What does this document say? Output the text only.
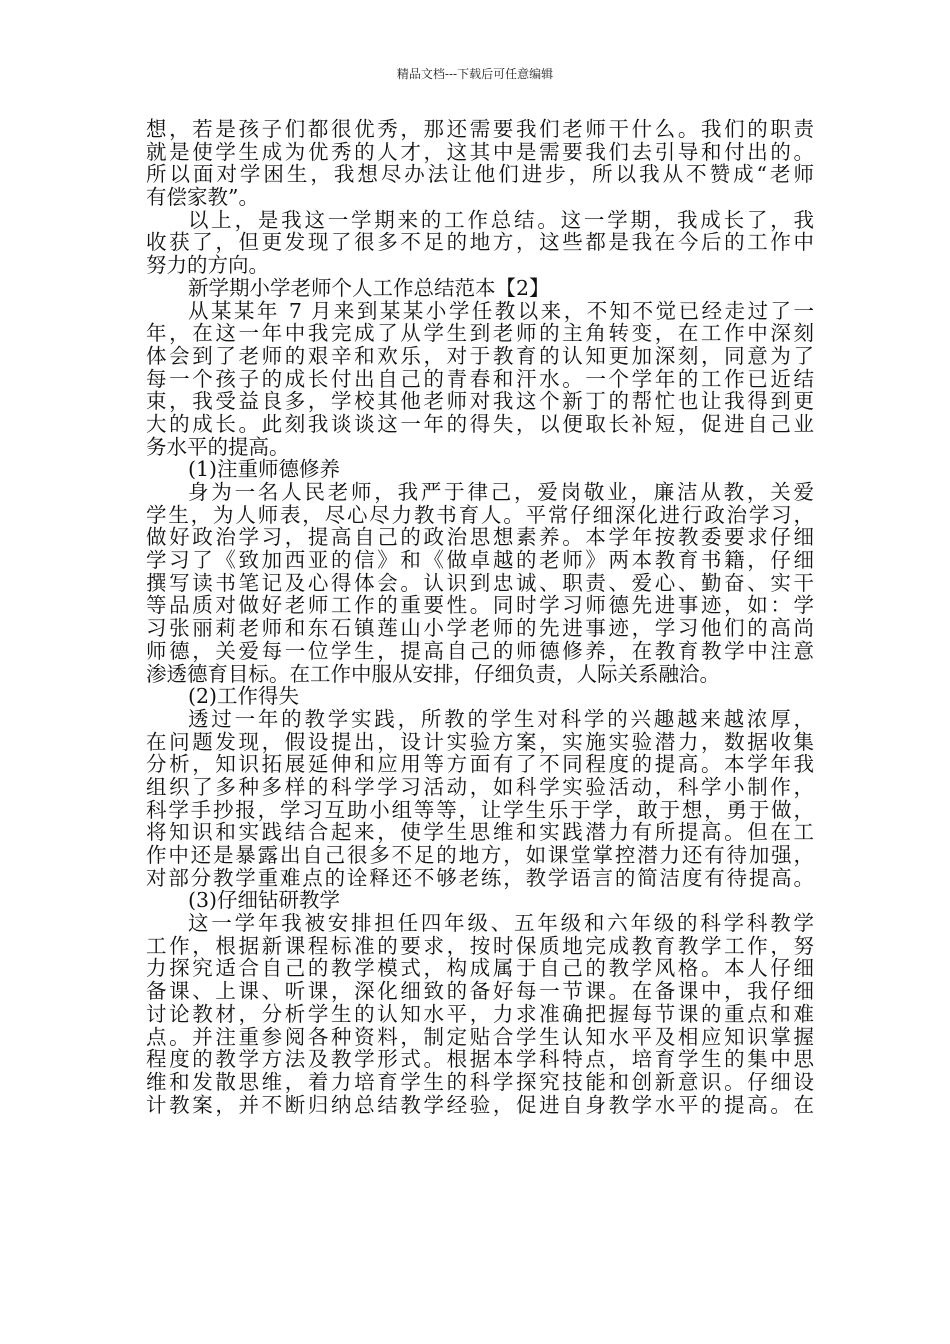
精品文档---下载后可任意编辑
想，若是孩子们都很优秀，那还需要我们老师干什么。我们的职责
就是使学生成为优秀的人才，这其中是需要我们去引导和付出的。
所以面对学困生，我想尽办法让他们进步，所以我从不赞成“老师
有偿家教”。
以上，是我这一学期来的工作总结。这一学期，我成长了，我
收获了，但更发现了很多不足的地方，这些都是我在今后的工作中
努力的方向。
新学期小学老师个人工作总结范本【2】
从某某年 7 月来到某某小学任教以来，不知不觉已经走过了一
年，在这一年中我完成了从学生到老师的主角转变，在工作中深刻
体会到了老师的艰辛和欢乐，对于教育的认知更加深刻，同意为了
每一个孩子的成长付出自己的青春和汗水。一个学年的工作已近结
束，我受益良多，学校其他老师对我这个新丁的帮忙也让我得到更
大的成长。此刻我谈谈这一年的得失，以便取长补短，促进自己业
务水平的提高。
(1)注重师德修养
身为一名人民老师，我严于律己，爱岗敬业，廉洁从教，关爱
学生，为人师表，尽心尽力教书育人。平常仔细深化进行政治学习，
做好政治学习，提高自己的政治思想素养。本学年按教委要求仔细
学习了《致加西亚的信》和《做卓越的老师》两本教育书籍，仔细
撰写读书笔记及心得体会。认识到忠诚、职责、爱心、勤奋、实干
等品质对做好老师工作的重要性。同时学习师德先进事迹，如：学
习张丽莉老师和东石镇莲山小学老师的先进事迹，学习他们的高尚
师德，关爱每一位学生，提高自己的师德修养，在教育教学中注意
渗透德育目标。在工作中服从安排，仔细负责，人际关系融洽。
(2)工作得失
透过一年的教学实践，所教的学生对科学的兴趣越来越浓厚，
在问题发现，假设提出，设计实验方案，实施实验潜力，数据收集
分析，知识拓展延伸和应用等方面有了不同程度的提高。本学年我
组织了多种多样的科学学习活动，如科学实验活动，科学小制作，
科学手抄报，学习互助小组等等，让学生乐于学，敢于想，勇于做，
将知识和实践结合起来，使学生思维和实践潜力有所提高。但在工
作中还是暴露出自己很多不足的地方，如课堂掌控潜力还有待加强，
对部分教学重难点的诠释还不够老练，教学语言的简洁度有待提高。
(3)仔细钻研教学
这一学年我被安排担任四年级、五年级和六年级的科学科教学
工作，根据新课程标准的要求，按时保质地完成教育教学工作，努
力探究适合自己的教学模式，构成属于自己的教学风格。本人仔细
备课、上课、听课，深化细致的备好每一节课。在备课中，我仔细
讨论教材，分析学生的认知水平，力求准确把握每节课的重点和难
点。并注重参阅各种资料，制定贴合学生认知水平及相应知识掌握
程度的教学方法及教学形式。根据本学科特点，培育学生的集中思
维和发散思维，着力培育学生的科学探究技能和创新意识。仔细设
计教案，并不断归纳总结教学经验，促进自身教学水平的提高。在
